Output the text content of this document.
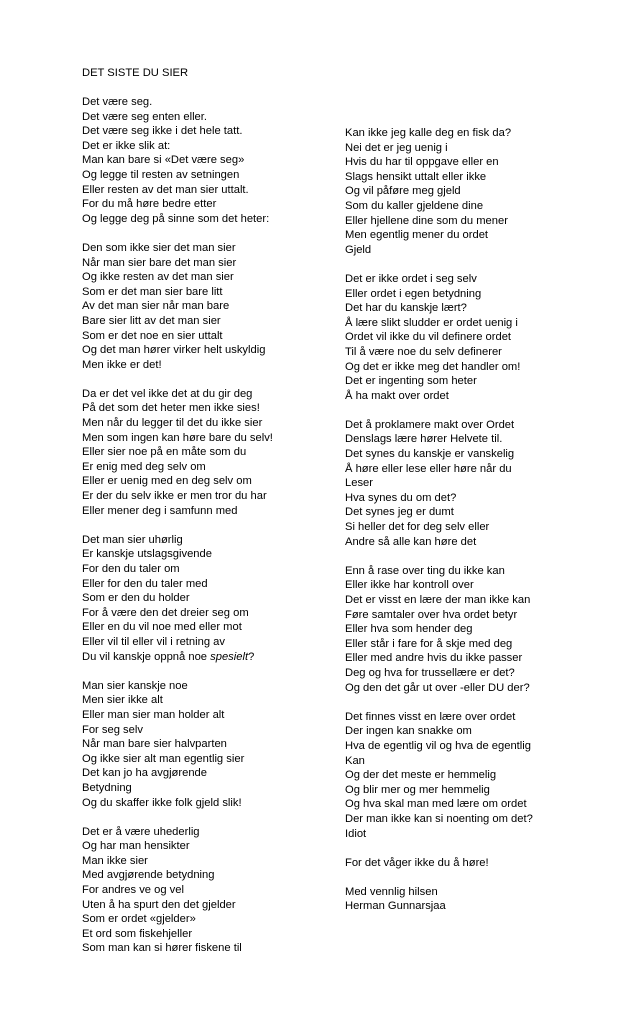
DET SISTE DU SIER
Det være seg.
Det være seg enten eller.
Det være seg ikke i det hele tatt.
Det er ikke slik at:
Man kan bare si «Det være seg»
Og legge til resten av setningen
Eller resten av det man sier uttalt.
For du må høre bedre etter
Og legge deg på sinne som det heter:
Den som ikke sier det man sier
Når man sier bare det man sier
Og ikke resten av det man sier
Som er det man sier bare litt
Av det man sier når man bare
Bare sier litt av det man sier
Som er det noe en sier uttalt
Og det man hører virker helt uskyldig
Men ikke er det!
Da er det vel ikke det at du gir deg
På det som det heter men ikke sies!
Men når du legger til det du ikke sier
Men som ingen kan høre bare du selv!
Eller sier noe på en måte som du
Er enig med deg selv om
Eller er uenig med en deg selv om
Er der du selv ikke er men tror du har
Eller mener deg i samfunn med
Det man sier uhørlig
Er kanskje utslagsgivende
For den du taler om
Eller for den du taler med
Som er den du holder
For å være den det dreier seg om
Eller en du vil noe med eller mot
Eller vil til eller vil i retning av
Du vil kanskje oppnå noe spesielt?
Man sier kanskje noe
Men sier ikke alt
Eller man sier man holder alt
For seg selv
Når man bare sier halvparten
Og ikke sier alt man egentlig sier
Det kan jo ha avgjørende
Betydning
Og du skaffer ikke folk gjeld slik!
Det er å være uhederlig
Og har man hensikter
Man ikke sier
Med avgjørende betydning
For andres ve og vel
Uten å ha spurt den det gjelder
Som er ordet «gjelder»
Et ord som fiskehjeller
Som man kan si hører fiskene til
Kan ikke jeg kalle deg en fisk da?
Nei det er jeg uenig i
Hvis du har til oppgave eller en
Slags hensikt uttalt eller ikke
Og vil påføre meg gjeld
Som du kaller gjeldene dine
Eller hjellene dine som du mener
Men egentlig mener du ordet
Gjeld
Det er ikke ordet i seg selv
Eller ordet i egen betydning
Det har du kanskje lært?
Å lære slikt sludder er ordet uenig i
Ordet vil ikke du vil definere ordet
Til å være noe du selv definerer
Og det er ikke meg det handler om!
Det er ingenting som heter
Å ha makt over ordet
Det å proklamere makt over Ordet
Denslags lære hører Helvete til.
Det synes du kanskje er vanskelig
Å høre eller lese eller høre når du
Leser
Hva synes du om det?
Det synes jeg er dumt
Si heller det for deg selv eller
Andre så alle kan høre det
Enn å rase over ting du ikke kan
Eller ikke har kontroll over
Det er visst en lære der man ikke kan
Føre samtaler over hva ordet betyr
Eller hva som hender deg
Eller står i fare for å skje med deg
Eller med andre hvis du ikke passer
Deg og hva for trussellære er det?
Og den det går ut over -eller DU der?
Det finnes visst en lære over ordet
Der ingen kan snakke om
Hva de egentlig vil og hva de egentlig
Kan
Og der det meste er hemmelig
Og blir mer og mer hemmelig
Og hva skal man med lære om ordet
Der man ikke kan si noenting om det?
Idiot
For det våger ikke du å høre!
Med vennlig hilsen
Herman Gunnarsjaa
